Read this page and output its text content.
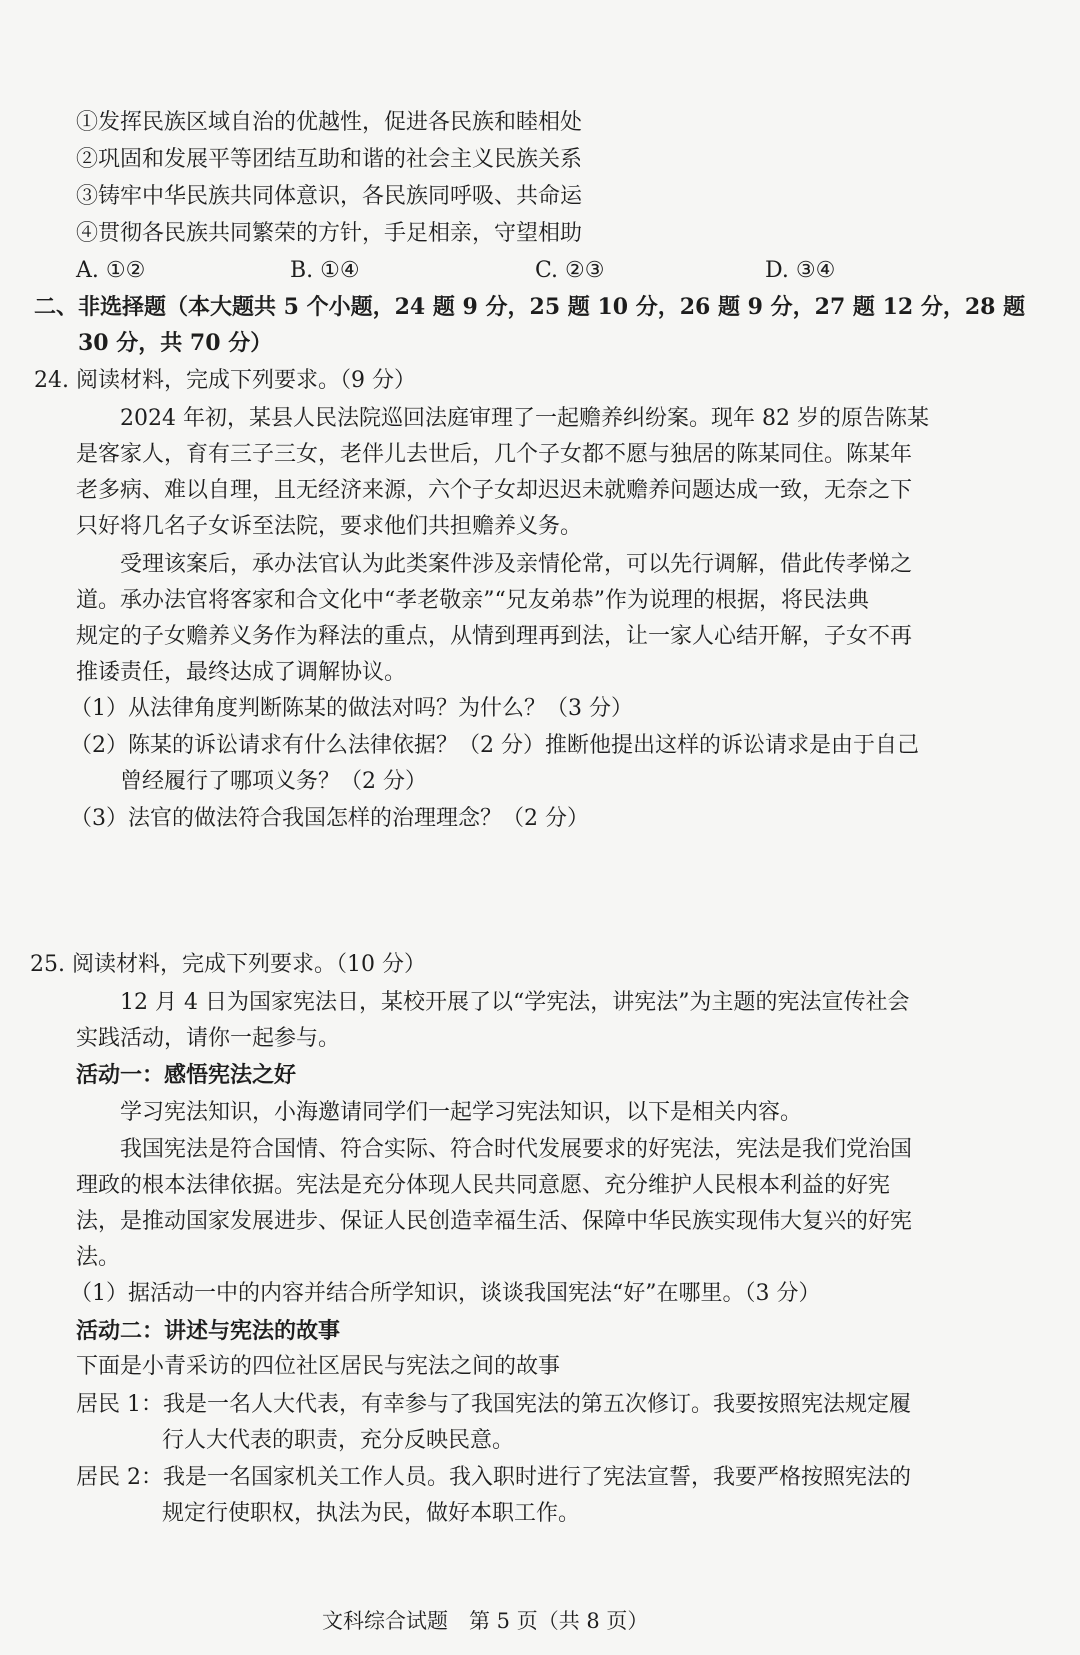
①发挥民族区域自治的优越性，促进各民族和睦相处
②巩固和发展平等团结互助和谐的社会主义民族关系
③铸牢中华民族共同体意识，各民族同呼吸、共命运
④贯彻各民族共同繁荣的方针，手足相亲，守望相助
A. ①②	B. ①④	C. ②③	D. ③④
二、非选择题（本大题共 5 个小题，24 题 9 分，25 题 10 分，26 题 9 分，27 题 12 分，28 题
30 分，共 70 分）
24. 阅读材料，完成下列要求。（9 分）
2024 年初，某县人民法院巡回法庭审理了一起赡养纠纷案。现年 82 岁的原告陈某
是客家人，育有三子三女，老伴儿去世后，几个子女都不愿与独居的陈某同住。陈某年
老多病、难以自理，且无经济来源，六个子女却迟迟未就赡养问题达成一致，无奈之下
只好将几名子女诉至法院，要求他们共担赡养义务。
受理该案后，承办法官认为此类案件涉及亲情伦常，可以先行调解，借此传孝悌之
道。承办法官将客家和合文化中“孝老敬亲”“兄友弟恭”作为说理的根据，将民法典
规定的子女赡养义务作为释法的重点，从情到理再到法，让一家人心结开解，子女不再
推诿责任，最终达成了调解协议。
（1）从法律角度判断陈某的做法对吗？为什么？（3 分）
（2）陈某的诉讼请求有什么法律依据？（2 分）推断他提出这样的诉讼请求是由于自己
曾经履行了哪项义务？（2 分）
（3）法官的做法符合我国怎样的治理理念？（2 分）
25. 阅读材料，完成下列要求。（10 分）
12 月 4 日为国家宪法日，某校开展了以“学宪法，讲宪法”为主题的宪法宣传社会
实践活动，请你一起参与。
活动一：感悟宪法之好
学习宪法知识，小海邀请同学们一起学习宪法知识，以下是相关内容。
我国宪法是符合国情、符合实际、符合时代发展要求的好宪法，宪法是我们党治国
理政的根本法律依据。宪法是充分体现人民共同意愿、充分维护人民根本利益的好宪
法，是推动国家发展进步、保证人民创造幸福生活、保障中华民族实现伟大复兴的好宪
法。
（1）据活动一中的内容并结合所学知识，谈谈我国宪法“好”在哪里。（3 分）
活动二：讲述与宪法的故事
下面是小青采访的四位社区居民与宪法之间的故事
居民 1：我是一名人大代表，有幸参与了我国宪法的第五次修订。我要按照宪法规定履
行人大代表的职责，充分反映民意。
居民 2：我是一名国家机关工作人员。我入职时进行了宪法宣誓，我要严格按照宪法的
规定行使职权，执法为民，做好本职工作。
文科综合试题　第 5 页（共 8 页）
